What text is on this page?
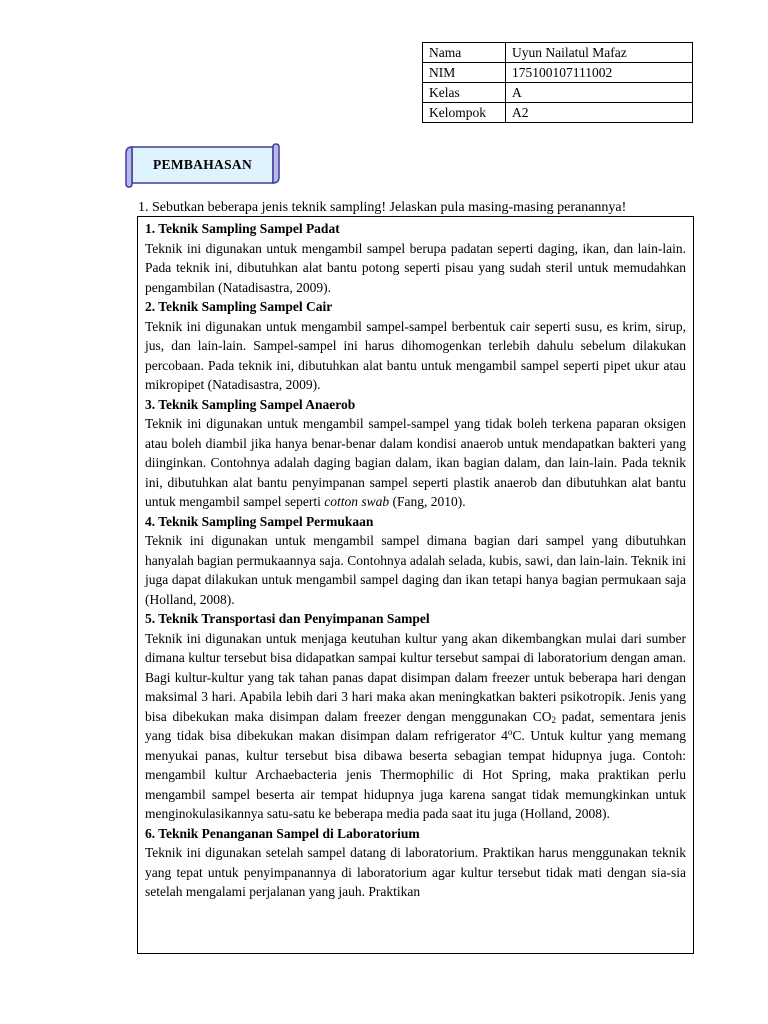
Nama	Uyun Nailatul Mafaz
NIM	175100107111002
Kelas	A
Kelompok	A2
PEMBAHASAN
1. Sebutkan beberapa jenis teknik sampling! Jelaskan pula masing-masing peranannya!
1. Teknik Sampling Sampel Padat
Teknik ini digunakan untuk mengambil sampel berupa padatan seperti daging, ikan, dan lain-lain. Pada teknik ini, dibutuhkan alat bantu potong seperti pisau yang sudah steril untuk memudahkan pengambilan (Natadisastra, 2009).
2. Teknik Sampling Sampel Cair
Teknik ini digunakan untuk mengambil sampel-sampel berbentuk cair seperti susu, es krim, sirup, jus, dan lain-lain. Sampel-sampel ini harus dihomogenkan terlebih dahulu sebelum dilakukan percobaan. Pada teknik ini, dibutuhkan alat bantu untuk mengambil sampel seperti pipet ukur atau mikropipet (Natadisastra, 2009).
3. Teknik Sampling Sampel Anaerob
Teknik ini digunakan untuk mengambil sampel-sampel yang tidak boleh terkena paparan oksigen atau boleh diambil jika hanya benar-benar dalam kondisi anaerob untuk mendapatkan bakteri yang diinginkan. Contohnya adalah daging bagian dalam, ikan bagian dalam, dan lain-lain. Pada teknik ini, dibutuhkan alat bantu penyimpanan sampel seperti plastik anaerob dan dibutuhkan alat bantu untuk mengambil sampel seperti cotton swab (Fang, 2010).
4. Teknik Sampling Sampel Permukaan
Teknik ini digunakan untuk mengambil sampel dimana bagian dari sampel yang dibutuhkan hanyalah bagian permukaannya saja. Contohnya adalah selada, kubis, sawi, dan lain-lain. Teknik ini juga dapat dilakukan untuk mengambil sampel daging dan ikan tetapi hanya bagian permukaan saja (Holland, 2008).
5. Teknik Transportasi dan Penyimpanan Sampel
Teknik ini digunakan untuk menjaga keutuhan kultur yang akan dikembangkan mulai dari sumber dimana kultur tersebut bisa didapatkan sampai kultur tersebut sampai di laboratorium dengan aman. Bagi kultur-kultur yang tak tahan panas dapat disimpan dalam freezer untuk beberapa hari dengan maksimal 3 hari. Apabila lebih dari 3 hari maka akan meningkatkan bakteri psikotropik. Jenis yang bisa dibekukan maka disimpan dalam freezer dengan menggunakan $CO_2$ padat, sementara jenis yang tidak bisa dibekukan makan disimpan dalam refrigerator 4$^o$C. Untuk kultur yang memang menyukai panas, kultur tersebut bisa dibawa beserta sebagian tempat hidupnya juga. Contoh: mengambil kultur Archaebacteria jenis Thermophilic di Hot Spring, maka praktikan perlu mengambil sampel beserta air tempat hidupnya juga karena sangat tidak memungkinkan untuk menginokulasikannya satu-satu ke beberapa media pada saat itu juga (Holland, 2008).
6. Teknik Penanganan Sampel di Laboratorium
Teknik ini digunakan setelah sampel datang di laboratorium. Praktikan harus menggunakan teknik yang tepat untuk penyimpanannya di laboratorium agar kultur tersebut tidak mati dengan sia-sia setelah mengalami perjalanan yang jauh. Praktikan
